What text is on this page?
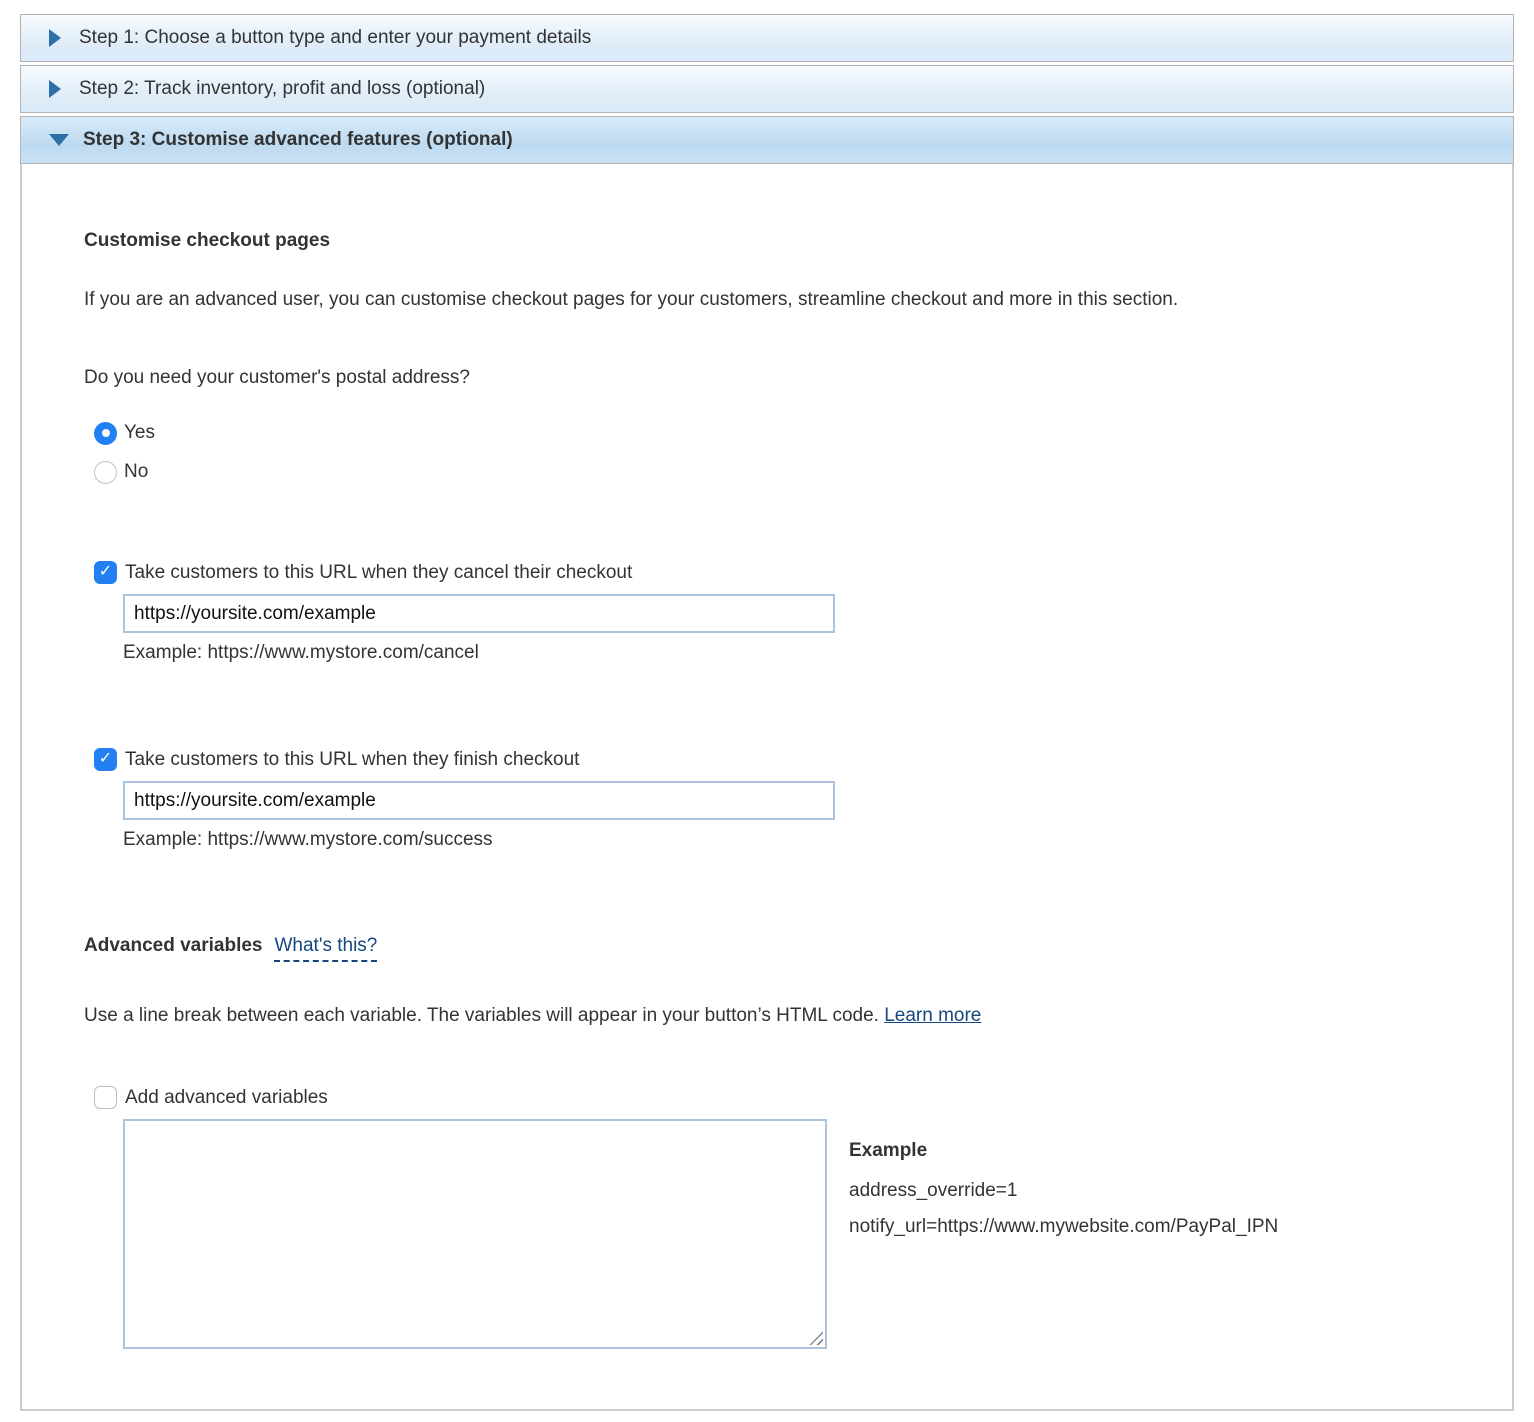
Step 1: Choose a button type and enter your payment details
Step 2: Track inventory, profit and loss (optional)
Step 3: Customise advanced features (optional)
Customise checkout pages

If you are an advanced user, you can customise checkout pages for your customers, streamline checkout and more in this section.

Do you need your customer's postal address?

Yes
No
✓ Take customers to this URL when they cancel their checkout
https://yoursite.com/example

Example: https://www.mystore.com/cancel

✓ Take customers to this URL when they finish checkout
https://yoursite.com/example

Example: https://www.mystore.com/success

Advanced variables What's this?

Use a line break between each variable. The variables will appear in your button’s HTML code. Learn more

Add advanced variables
Example
address_override=1
notify_url=https://www.mywebsite.com/PayPal_IPN
